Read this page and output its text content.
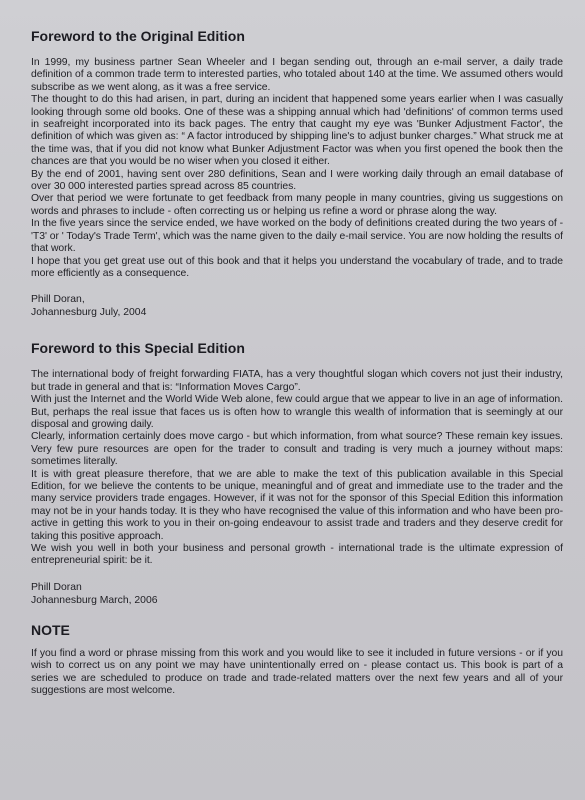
Foreword to the Original Edition

In 1999, my business partner Sean Wheeler and I began sending out, through an e-mail server, a daily trade definition of a common trade term to interested parties, who totaled about 140 at the time. We assumed others would subscribe as we went along, as it was a free service.

The thought to do this had arisen, in part, during an incident that happened some years earlier when I was casually looking through some old books. One of these was a shipping annual which had 'definitions' of common terms used in seafreight incorporated into its back pages. The entry that caught my eye was 'Bunker Adjustment Factor', the definition of which was given as: “ A factor introduced by shipping line's to adjust bunker charges.” What struck me at the time was, that if you did not know what Bunker Adjustment Factor was when you first opened the book then the chances are that you would be no wiser when you closed it either.

By the end of 2001, having sent over 280 definitions, Sean and I were working daily through an email database of over 30 000 interested parties spread across 85 countries.

Over that period we were fortunate to get feedback from many people in many countries, giving us suggestions on words and phrases to include - often correcting us or helping us refine a word or phrase along the way.

In the five years since the service ended, we have worked on the body of definitions created during the two years of - 'T3' or ' Today's Trade Term', which was the name given to the daily e-mail service. You are now holding the results of that work.

I hope that you get great use out of this book and that it helps you understand the vocabulary of trade, and to trade more efficiently as a consequence.

Phill Doran,
Johannesburg July, 2004
Foreword to this Special Edition

The international body of freight forwarding FIATA, has a very thoughtful slogan which covers not just their industry, but trade in general and that is: “Information Moves Cargo”.

With just the Internet and the World Wide Web alone, few could argue that we appear to live in an age of information. But, perhaps the real issue that faces us is often how to wrangle this wealth of information that is seemingly at our disposal and growing daily.

Clearly, information certainly does move cargo - but which information, from what source? These remain key issues. Very few pure resources are open for the trader to consult and trading is very much a journey without maps: sometimes literally.

It is with great pleasure therefore, that we are able to make the text of this publication available in this Special Edition, for we believe the contents to be unique, meaningful and of great and immediate use to the trader and the many service providers trade engages. However, if it was not for the sponsor of this Special Edition this information may not be in your hands today. It is they who have recognised the value of this information and who have been pro-active in getting this work to you in their on-going endeavour to assist trade and traders and they deserve credit for taking this positive approach.

We wish you well in both your business and personal growth - international trade is the ultimate expression of entrepreneurial spirit: be it.

Phill Doran
Johannesburg March, 2006
NOTE

If you find a word or phrase missing from this work and you would like to see it included in future versions - or if you wish to correct us on any point we may have unintentionally erred on - please contact us. This book is part of a series we are scheduled to produce on trade and trade-related matters over the next few years and all of your suggestions are most welcome.
